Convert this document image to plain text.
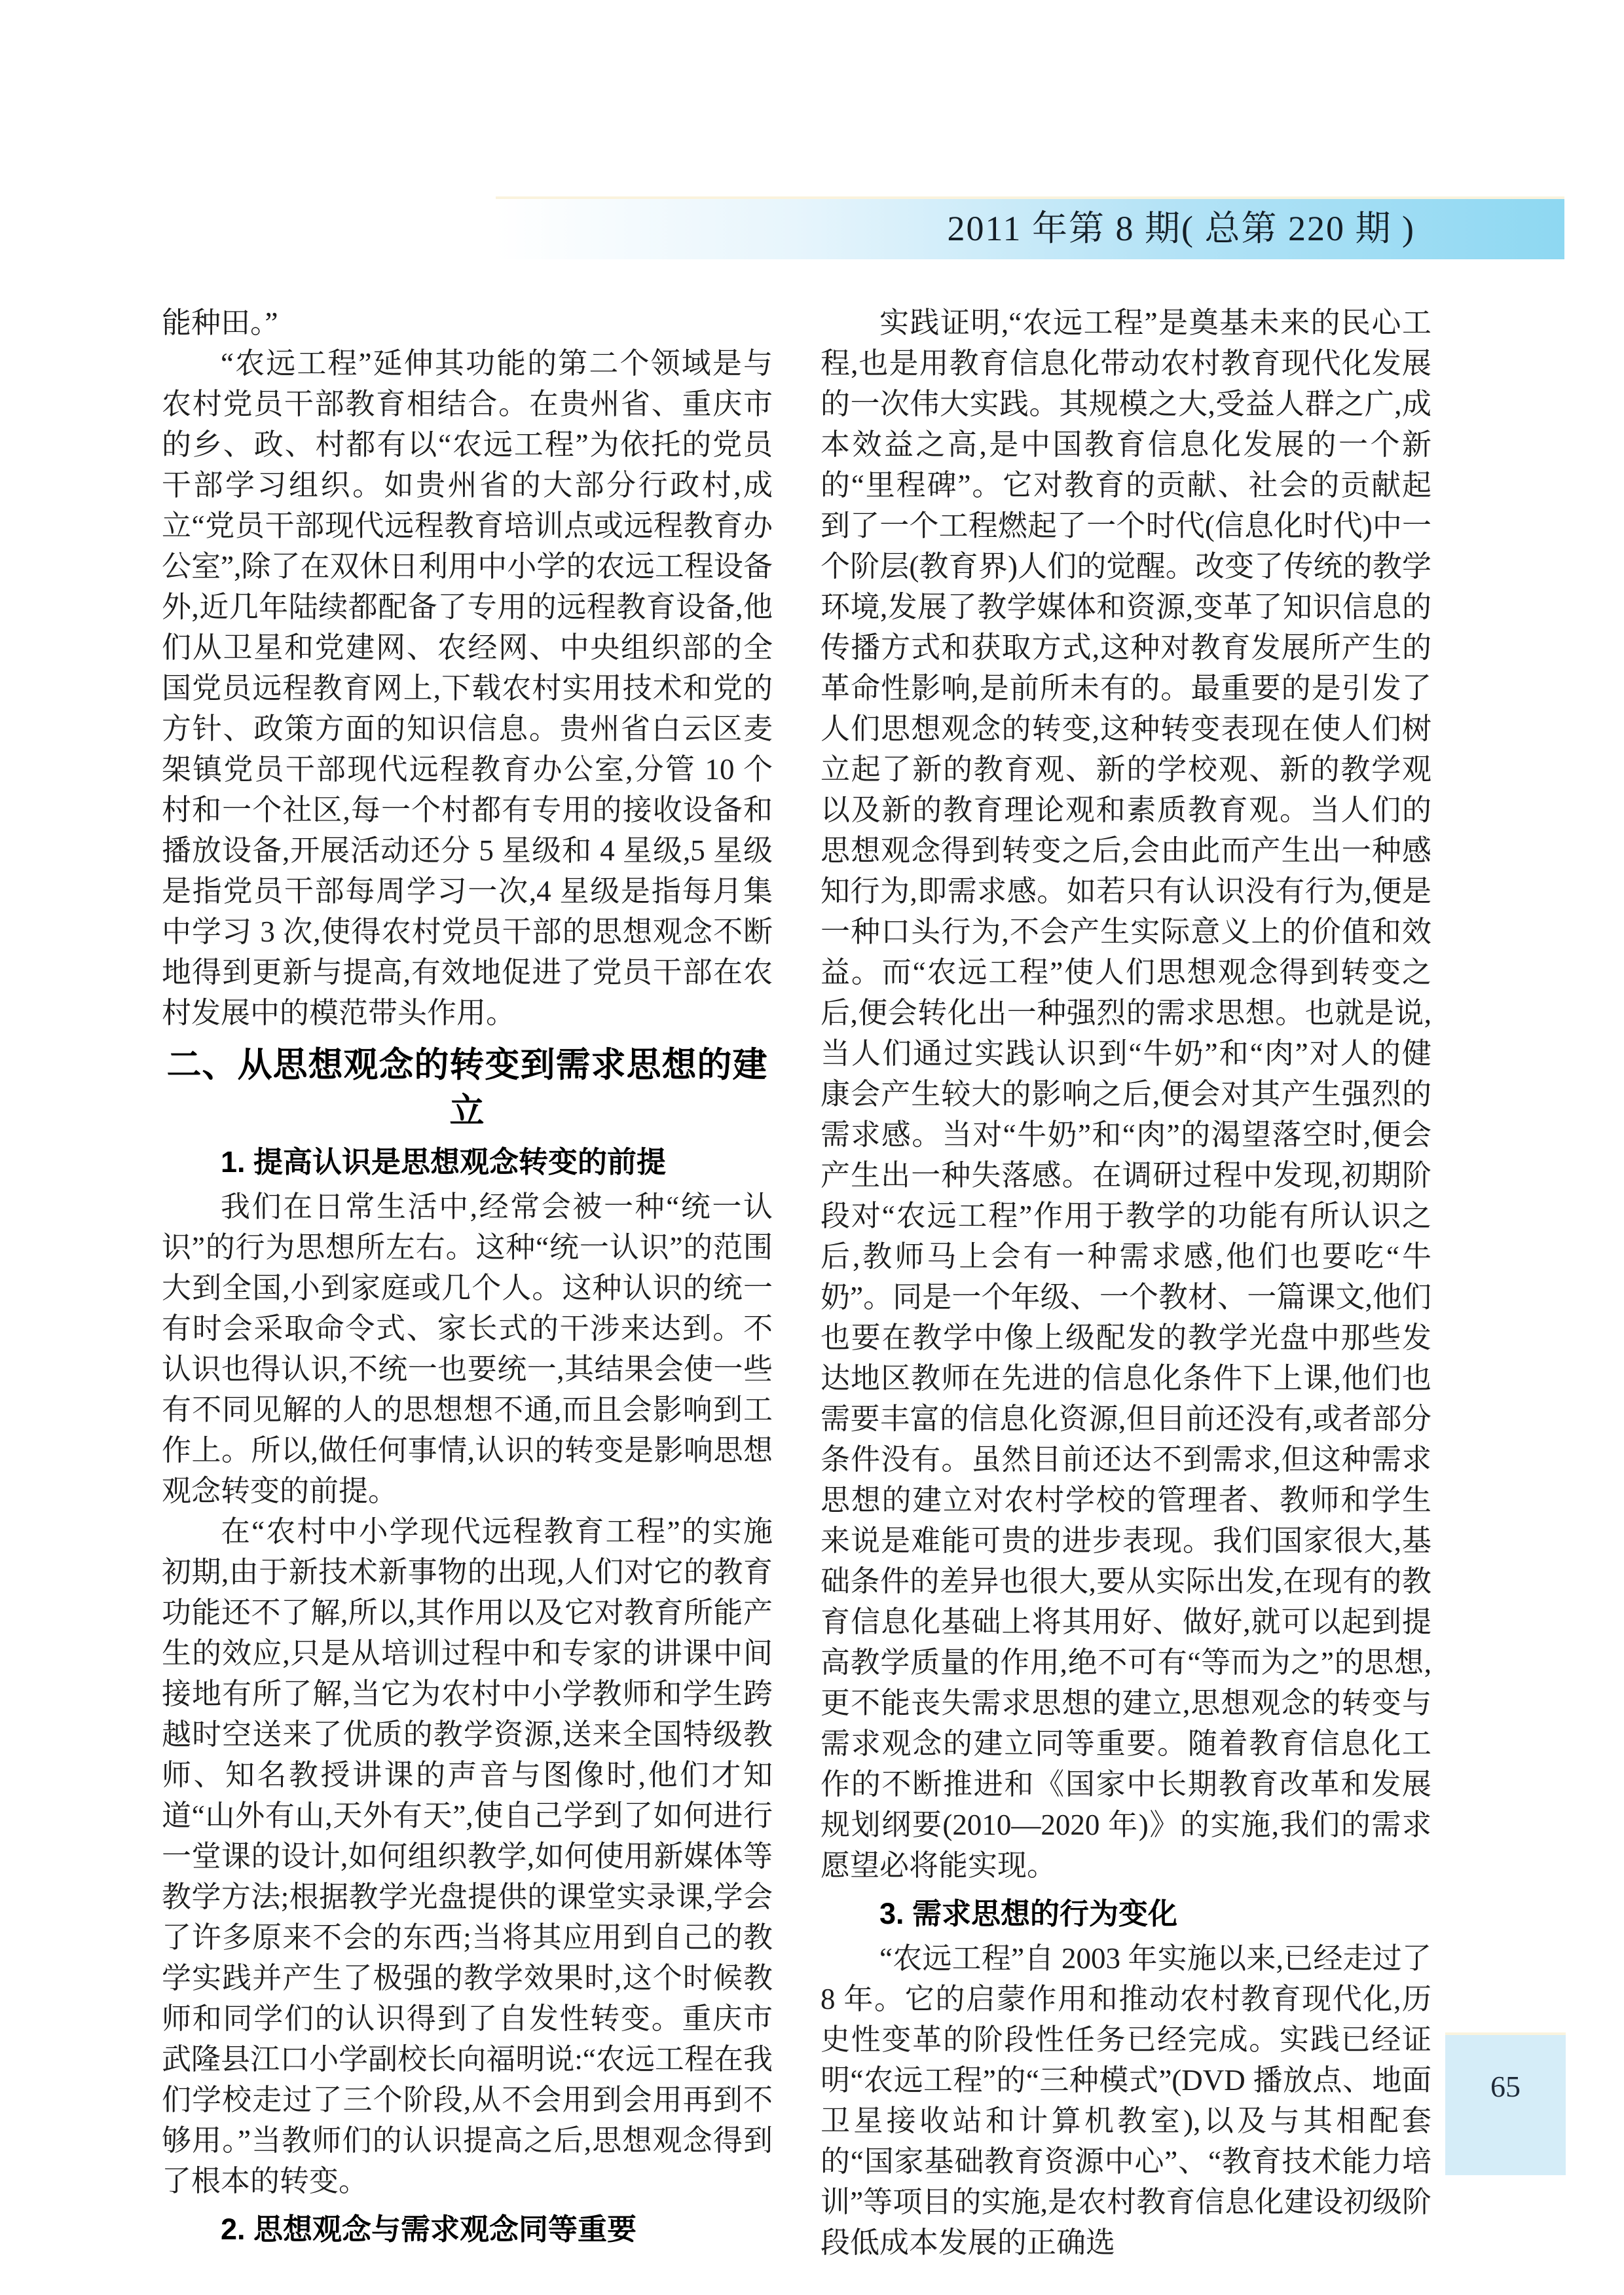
2011 年第 8 期( 总第 220 期 )

能种田。”

“农远工程”延伸其功能的第二个领域是与农村党员干部教育相结合。在贵州省、重庆市的乡、政、村都有以“农远工程”为依托的党员干部学习组织。如贵州省的大部分行政村,成立“党员干部现代远程教育培训点或远程教育办公室”,除了在双休日利用中小学的农远工程设备外,近几年陆续都配备了专用的远程教育设备,他们从卫星和党建网、农经网、中央组织部的全国党员远程教育网上,下载农村实用技术和党的方针、政策方面的知识信息。贵州省白云区麦架镇党员干部现代远程教育办公室,分管 10 个村和一个社区,每一个村都有专用的接收设备和播放设备,开展活动还分 5 星级和 4 星级,5 星级是指党员干部每周学习一次,4 星级是指每月集中学习 3 次,使得农村党员干部的思想观念不断地得到更新与提高,有效地促进了党员干部在农村发展中的模范带头作用。

二、从思想观念的转变到需求思想的建立
1. 提高认识是思想观念转变的前提

我们在日常生活中,经常会被一种“统一认识”的行为思想所左右。这种“统一认识”的范围大到全国,小到家庭或几个人。这种认识的统一有时会采取命令式、家长式的干涉来达到。不认识也得认识,不统一也要统一,其结果会使一些有不同见解的人的思想想不通,而且会影响到工作上。所以,做任何事情,认识的转变是影响思想观念转变的前提。

在“农村中小学现代远程教育工程”的实施初期,由于新技术新事物的出现,人们对它的教育功能还不了解,所以,其作用以及它对教育所能产生的效应,只是从培训过程中和专家的讲课中间接地有所了解,当它为农村中小学教师和学生跨越时空送来了优质的教学资源,送来全国特级教师、知名教授讲课的声音与图像时,他们才知道“山外有山,天外有天”,使自己学到了如何进行一堂课的设计,如何组织教学,如何使用新媒体等教学方法;根据教学光盘提供的课堂实录课,学会了许多原来不会的东西;当将其应用到自己的教学实践并产生了极强的教学效果时,这个时候教师和同学们的认识得到了自发性转变。重庆市武隆县江口小学副校长向福明说:“农远工程在我们学校走过了三个阶段,从不会用到会用再到不够用。”当教师们的认识提高之后,思想观念得到了根本的转变。

2. 思想观念与需求观念同等重要

实践证明,“农远工程”是奠基未来的民心工程,也是用教育信息化带动农村教育现代化发展的一次伟大实践。其规模之大,受益人群之广,成本效益之高,是中国教育信息化发展的一个新的“里程碑”。它对教育的贡献、社会的贡献起到了一个工程燃起了一个时代(信息化时代)中一个阶层(教育界)人们的觉醒。改变了传统的教学环境,发展了教学媒体和资源,变革了知识信息的传播方式和获取方式,这种对教育发展所产生的革命性影响,是前所未有的。最重要的是引发了人们思想观念的转变,这种转变表现在使人们树立起了新的教育观、新的学校观、新的教学观以及新的教育理论观和素质教育观。当人们的思想观念得到转变之后,会由此而产生出一种感知行为,即需求感。如若只有认识没有行为,便是一种口头行为,不会产生实际意义上的价值和效益。而“农远工程”使人们思想观念得到转变之后,便会转化出一种强烈的需求思想。也就是说,当人们通过实践认识到“牛奶”和“肉”对人的健康会产生较大的影响之后,便会对其产生强烈的需求感。当对“牛奶”和“肉”的渴望落空时,便会产生出一种失落感。在调研过程中发现,初期阶段对“农远工程”作用于教学的功能有所认识之后,教师马上会有一种需求感,他们也要吃“牛奶”。同是一个年级、一个教材、一篇课文,他们也要在教学中像上级配发的教学光盘中那些发达地区教师在先进的信息化条件下上课,他们也需要丰富的信息化资源,但目前还没有,或者部分条件没有。虽然目前还达不到需求,但这种需求思想的建立对农村学校的管理者、教师和学生来说是难能可贵的进步表现。我们国家很大,基础条件的差异也很大,要从实际出发,在现有的教育信息化基础上将其用好、做好,就可以起到提高教学质量的作用,绝不可有“等而为之”的思想,更不能丧失需求思想的建立,思想观念的转变与需求观念的建立同等重要。随着教育信息化工作的不断推进和《国家中长期教育改革和发展规划纲要(2010—2020 年)》的实施,我们的需求愿望必将能实现。

3. 需求思想的行为变化

“农远工程”自 2003 年实施以来,已经走过了 8 年。它的启蒙作用和推动农村教育现代化,历史性变革的阶段性任务已经完成。实践已经证明“农远工程”的“三种模式”(DVD 播放点、地面卫星接收站和计算机教室),以及与其相配套的“国家基础教育资源中心”、“教育技术能力培训”等项目的实施,是农村教育信息化建设初级阶段低成本发展的正确选

65
